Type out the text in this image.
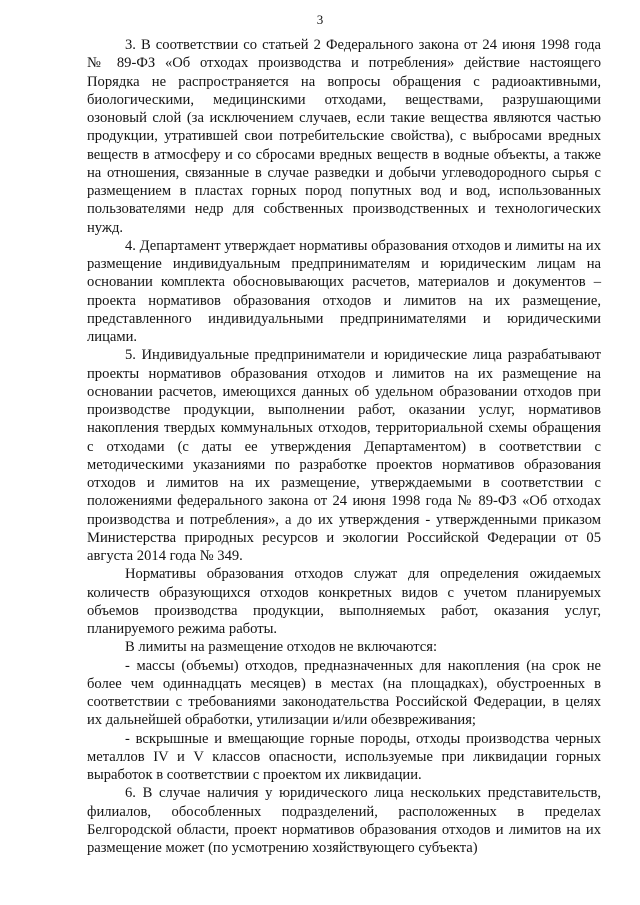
3

3. В соответствии со статьей 2 Федерального закона от 24 июня 1998 года № 89-ФЗ «Об отходах производства и потребления» действие настоящего Порядка не распространяется на вопросы обращения с радиоактивными, биологическими, медицинскими отходами, веществами, разрушающими озоновый слой (за исключением случаев, если такие вещества являются частью продукции, утратившей свои потребительские свойства), с выбросами вредных веществ в атмосферу и со сбросами вредных веществ в водные объекты, а также на отношения, связанные в случае разведки и добычи углеводородного сырья с размещением в пластах горных пород попутных вод и вод, использованных пользователями недр для собственных производственных и технологических нужд.

4. Департамент утверждает нормативы образования отходов и лимиты на их размещение индивидуальным предпринимателям и юридическим лицам на основании комплекта обосновывающих расчетов, материалов и документов – проекта нормативов образования отходов и лимитов на их размещение, представленного индивидуальными предпринимателями и юридическими лицами.

5. Индивидуальные предприниматели и юридические лица разрабатывают проекты нормативов образования отходов и лимитов на их размещение на основании расчетов, имеющихся данных об удельном образовании отходов при производстве продукции, выполнении работ, оказании услуг, нормативов накопления твердых коммунальных отходов, территориальной схемы обращения с отходами (с даты ее утверждения Департаментом) в соответствии с методическими указаниями по разработке проектов нормативов образования отходов и лимитов на их размещение, утверждаемыми в соответствии с положениями федерального закона от 24 июня 1998 года № 89-ФЗ «Об отходах производства и потребления», а до их утверждения - утвержденными приказом Министерства природных ресурсов и экологии Российской Федерации от 05 августа 2014 года № 349.

Нормативы образования отходов служат для определения ожидаемых количеств образующихся отходов конкретных видов с учетом планируемых объемов производства продукции, выполняемых работ, оказания услуг, планируемого режима работы.

В лимиты на размещение отходов не включаются:

- массы (объемы) отходов, предназначенных для накопления (на срок не более чем одиннадцать месяцев) в местах (на площадках), обустроенных в соответствии с требованиями законодательства Российской Федерации, в целях их дальнейшей обработки, утилизации и/или обезвреживания;

- вскрышные и вмещающие горные породы, отходы производства черных металлов IV и V классов опасности, используемые при ликвидации горных выработок в соответствии с проектом их ликвидации.

6. В случае наличия у юридического лица нескольких представительств, филиалов, обособленных подразделений, расположенных в пределах Белгородской области, проект нормативов образования отходов и лимитов на их размещение может (по усмотрению хозяйствующего субъекта)
